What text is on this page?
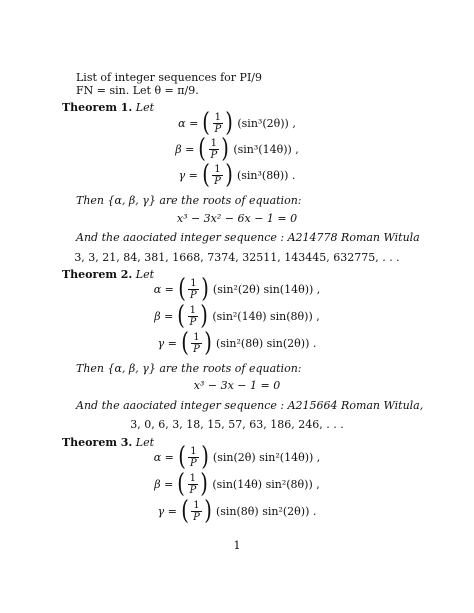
List of integer sequences for PI/9
FN = sin. Let θ = π/9.
Theorem 1. Let
α = ( $\frac{1}{P}$ ) (sin³(2θ)) ,
β = ( $\frac{1}{P}$ ) (sin³(14θ)) ,
γ = ( $\frac{1}{P}$ ) (sin³(8θ)) .
Then {α, β, γ} are the roots of equation:
x³ − 3x² − 6x − 1 = 0
And the aaociated integer sequence : A214778 Roman Witula
3, 3, 21, 84, 381, 1668, 7374, 32511, 143445, 632775, . . .
Theorem 2. Let
α = ( $\frac{1}{P}$ ) (sin²(2θ) sin(14θ)) ,
β = ( $\frac{1}{P}$ ) (sin²(14θ) sin(8θ)) ,
γ = ( $\frac{1}{P}$ ) (sin²(8θ) sin(2θ)) .
Then {α, β, γ} are the roots of equation:
x³ − 3x − 1 = 0
And the aaociated integer sequence : A215664 Roman Witula,
3, 0, 6, 3, 18, 15, 57, 63, 186, 246, . . .
Theorem 3. Let
α = ( $\frac{1}{P}$ ) (sin(2θ) sin²(14θ)) ,
β = ( $\frac{1}{P}$ ) (sin(14θ) sin²(8θ)) ,
γ = ( $\frac{1}{P}$ ) (sin(8θ) sin²(2θ)) .
1
